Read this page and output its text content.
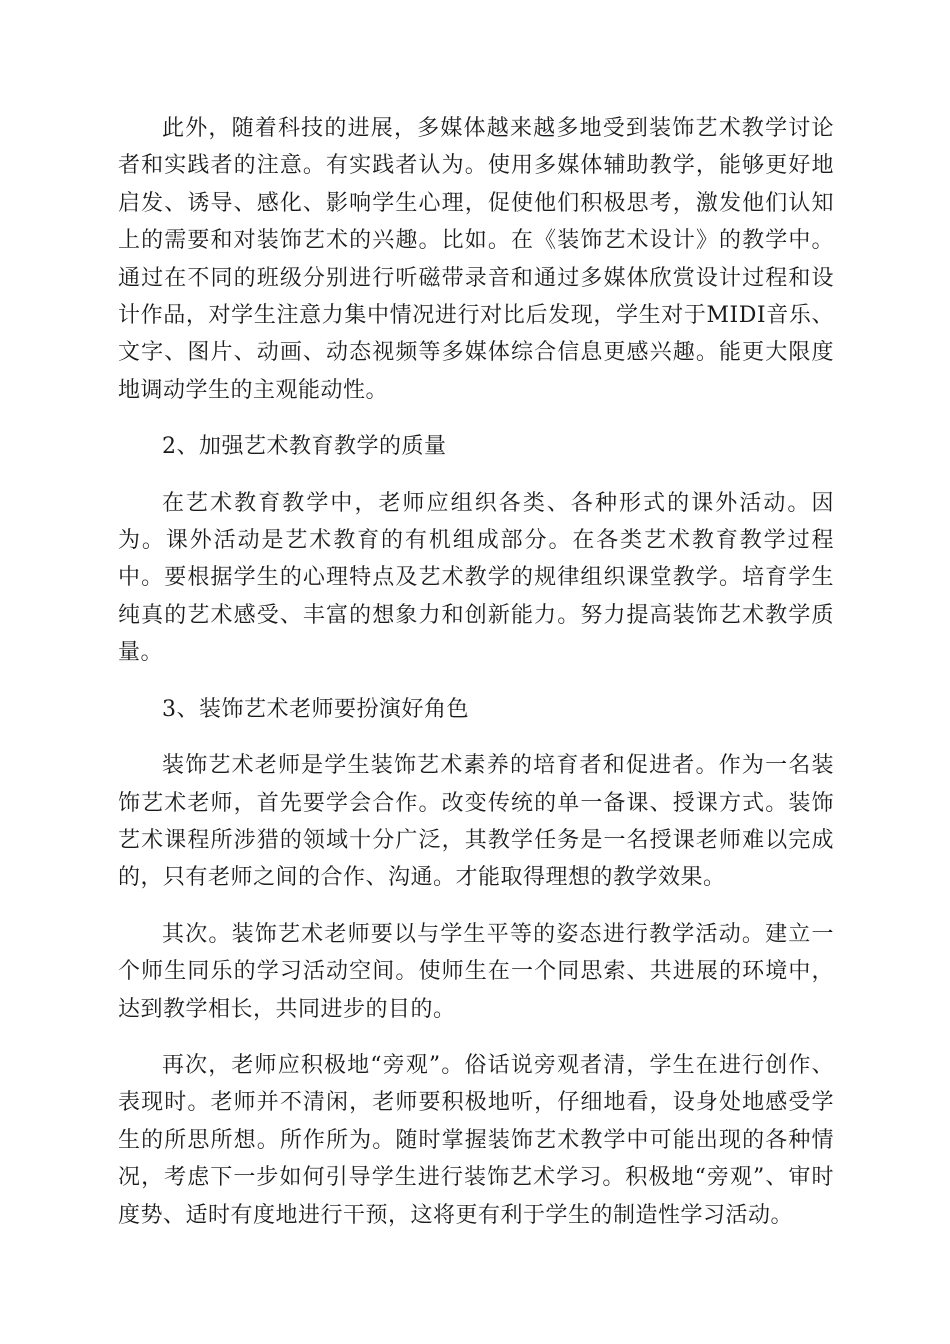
此外，随着科技的进展，多媒体越来越多地受到装饰艺术教学讨论者和实践者的注意。有实践者认为。使用多媒体辅助教学，能够更好地启发、诱导、感化、影响学生心理，促使他们积极思考，激发他们认知上的需要和对装饰艺术的兴趣。比如。在《装饰艺术设计》的教学中。通过在不同的班级分别进行听磁带录音和通过多媒体欣赏设计过程和设计作品，对学生注意力集中情况进行对比后发现，学生对于MIDI音乐、文字、图片、动画、动态视频等多媒体综合信息更感兴趣。能更大限度地调动学生的主观能动性。

2、加强艺术教育教学的质量

在艺术教育教学中，老师应组织各类、各种形式的课外活动。因为。课外活动是艺术教育的有机组成部分。在各类艺术教育教学过程中。要根据学生的心理特点及艺术教学的规律组织课堂教学。培育学生纯真的艺术感受、丰富的想象力和创新能力。努力提高装饰艺术教学质量。

3、装饰艺术老师要扮演好角色

装饰艺术老师是学生装饰艺术素养的培育者和促进者。作为一名装饰艺术老师，首先要学会合作。改变传统的单一备课、授课方式。装饰艺术课程所涉猎的领域十分广泛，其教学任务是一名授课老师难以完成的，只有老师之间的合作、沟通。才能取得理想的教学效果。

其次。装饰艺术老师要以与学生平等的姿态进行教学活动。建立一个师生同乐的学习活动空间。使师生在一个同思索、共进展的环境中，达到教学相长，共同进步的目的。

再次，老师应积极地“旁观”。俗话说旁观者清，学生在进行创作、表现时。老师并不清闲，老师要积极地听，仔细地看，设身处地感受学生的所思所想。所作所为。随时掌握装饰艺术教学中可能出现的各种情况，考虑下一步如何引导学生进行装饰艺术学习。积极地“旁观”、审时度势、适时有度地进行干预，这将更有利于学生的制造性学习活动。
